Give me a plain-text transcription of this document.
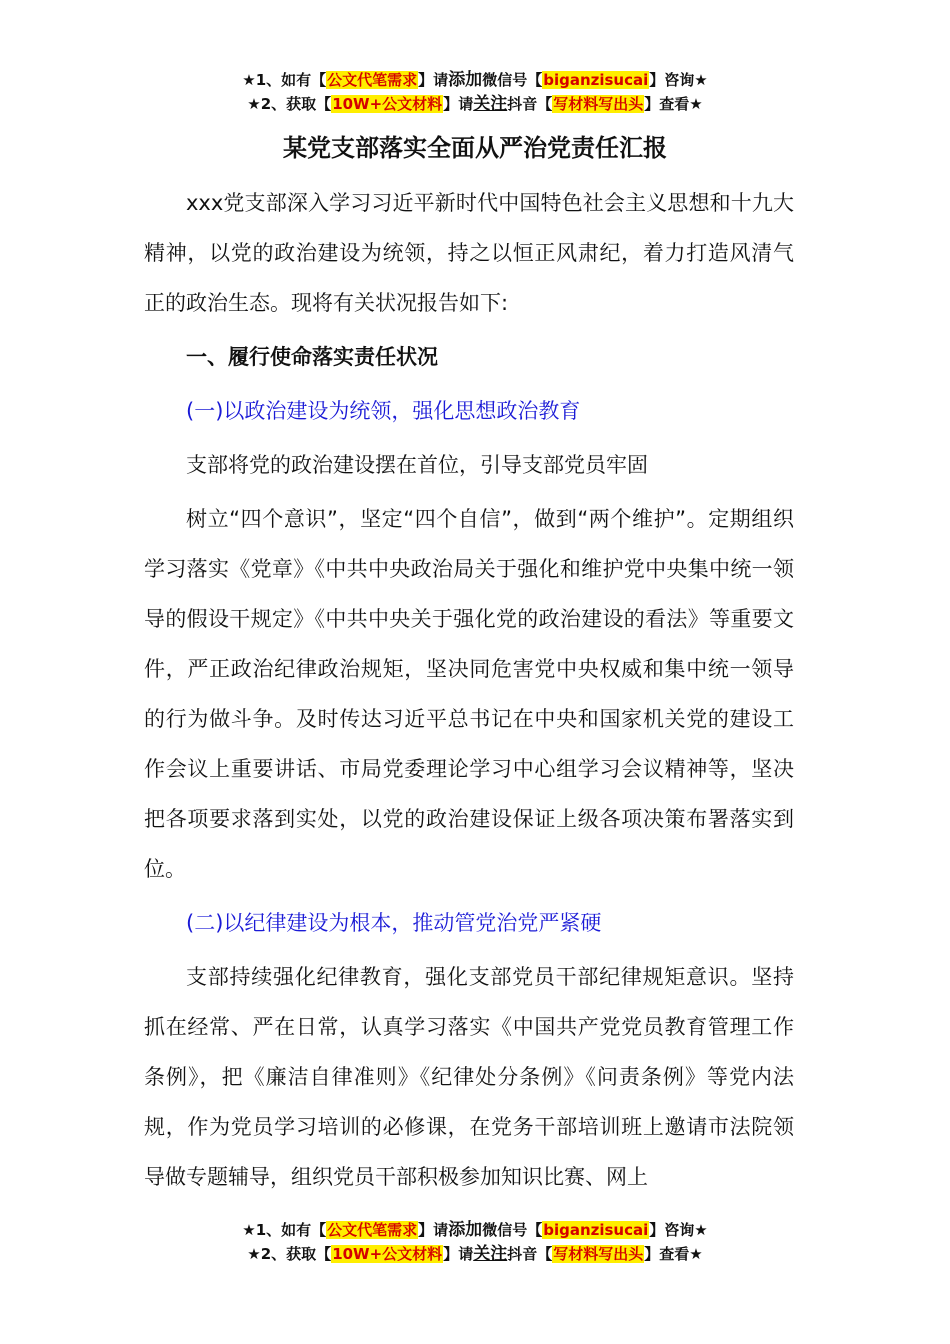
★1、如有【公文代笔需求】请添加微信号【biganzisucai】咨询★
★2、获取【10W+公文材料】请关注抖音【写材料写出头】查看★
某党支部落实全面从严治党责任汇报

xxx党支部深入学习习近平新时代中国特色社会主义思想和十九大精神，以党的政治建设为统领，持之以恒正风肃纪，着力打造风清气正的政治生态。现将有关状况报告如下:

一、履行使命落实责任状况

(一)以政治建设为统领，强化思想政治教育

支部将党的政治建设摆在首位，引导支部党员牢固

树立“四个意识”，坚定“四个自信”，做到“两个维护”。定期组织学习落实《党章》《中共中央政治局关于强化和维护党中央集中统一领导的假设干规定》《中共中央关于强化党的政治建设的看法》等重要文件，严正政治纪律政治规矩，坚决同危害党中央权威和集中统一领导的行为做斗争。及时传达习近平总书记在中央和国家机关党的建设工作会议上重要讲话、市局党委理论学习中心组学习会议精神等，坚决把各项要求落到实处，以党的政治建设保证上级各项决策布署落实到位。

(二)以纪律建设为根本，推动管党治党严紧硬

支部持续强化纪律教育，强化支部党员干部纪律规矩意识。坚持抓在经常、严在日常，认真学习落实《中国共产党党员教育管理工作条例》，把《廉洁自律准则》《纪律处分条例》《问责条例》等党内法规，作为党员学习培训的必修课，在党务干部培训班上邀请市法院领导做专题辅导，组织党员干部积极参加知识比赛、网上

★1、如有【公文代笔需求】请添加微信号【biganzisucai】咨询★
★2、获取【10W+公文材料】请关注抖音【写材料写出头】查看★
